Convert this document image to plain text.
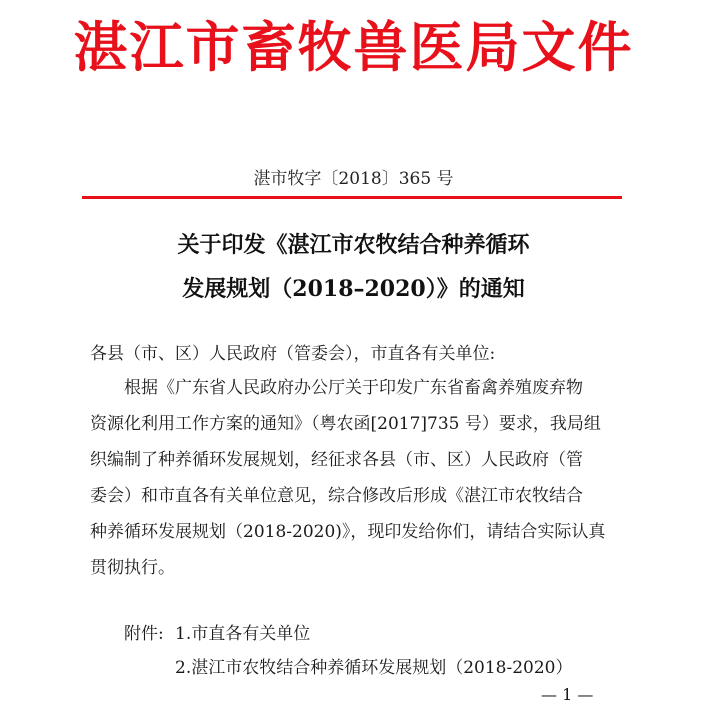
湛江市畜牧兽医局文件
湛市牧字〔2018〕365 号
关于印发《湛江市农牧结合种养循环
发展规划（2018–2020）》的通知
各县（市、区）人民政府（管委会），市直各有关单位:
根据《广东省人民政府办公厅关于印发广东省畜禽养殖废弃物
资源化利用工作方案的通知》（粤农函[2017]735 号）要求，我局组
织编制了种养循环发展规划，经征求各县（市、区）人民政府（管
委会）和市直各有关单位意见，综合修改后形成《湛江市农牧结合
种养循环发展规划（2018-2020)》，现印发给你们，请结合实际认真
贯彻执行。
附件: 1.市直各有关单位
2.湛江市农牧结合种养循环发展规划（2018-2020）
— 1 —
